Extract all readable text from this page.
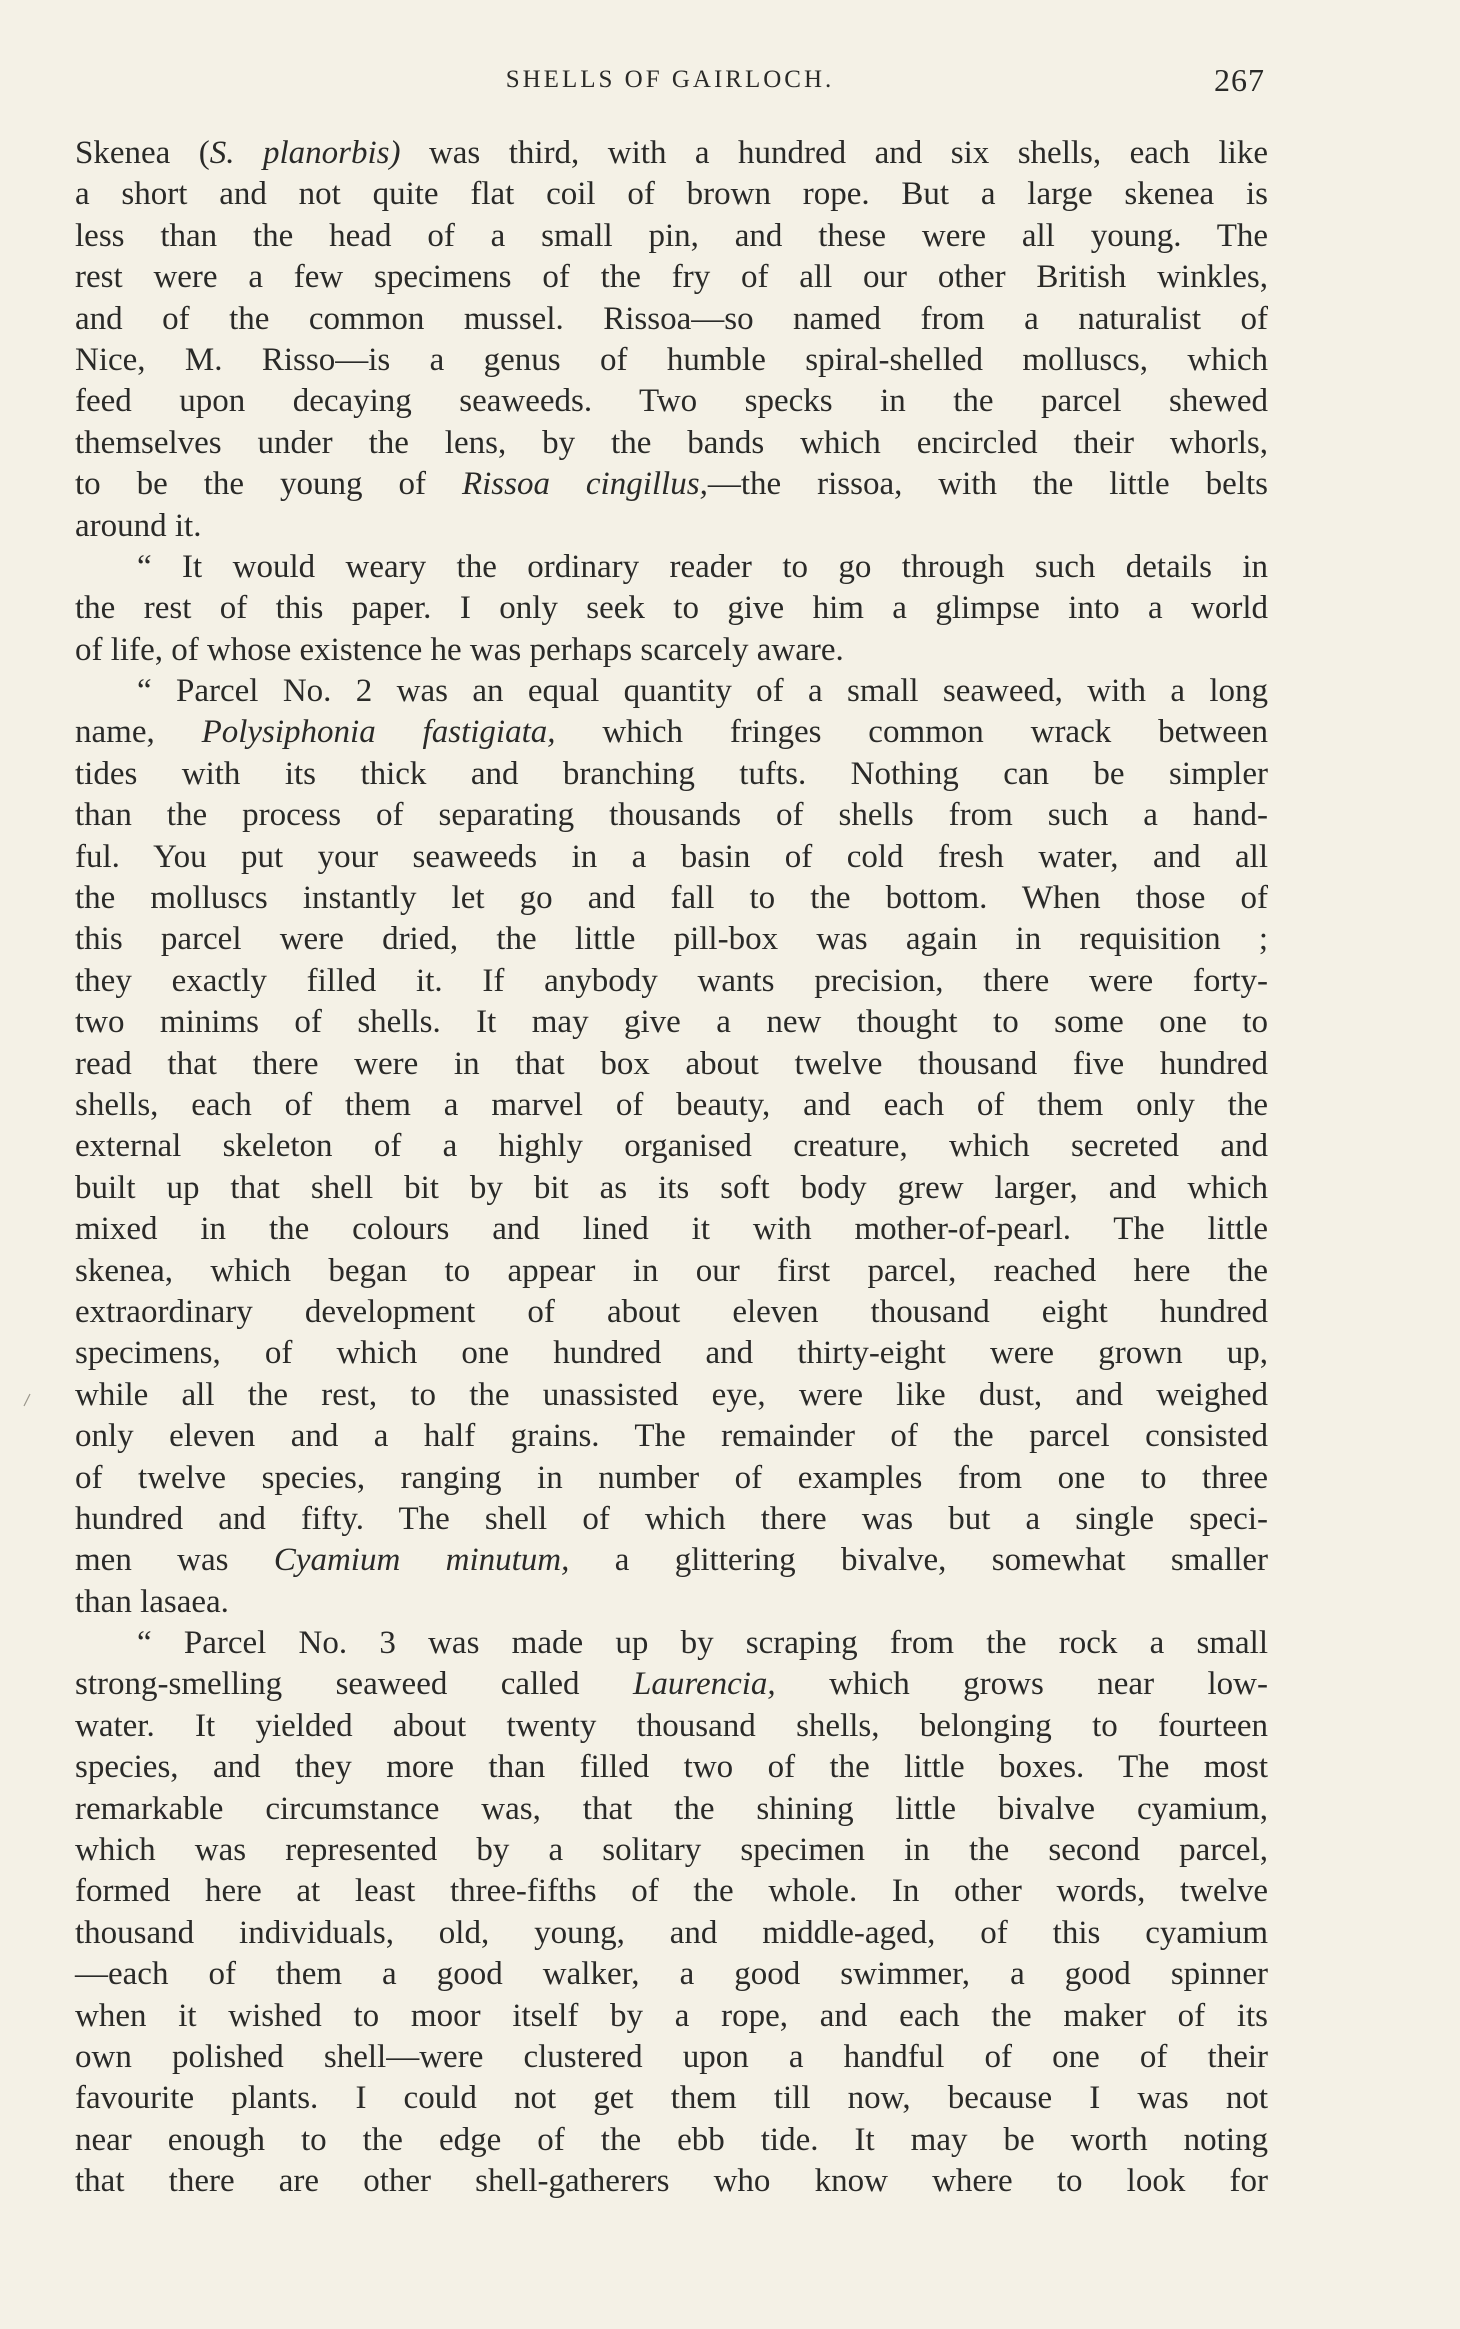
SHELLS OF GAIRLOCH.	267
Skenea (S. planorbis) was third, with a hundred and six shells, each like
a short and not quite flat coil of brown rope. But a large skenea is
less than the head of a small pin, and these were all young. The
rest were a few specimens of the fry of all our other British winkles,
and of the common mussel. Rissoa—so named from a naturalist of
Nice, M. Risso—is a genus of humble spiral-shelled molluscs, which
feed upon decaying seaweeds. Two specks in the parcel shewed
themselves under the lens, by the bands which encircled their whorls,
to be the young of Rissoa cingillus,—the rissoa, with the little belts
around it.
“ It would weary the ordinary reader to go through such details in
the rest of this paper. I only seek to give him a glimpse into a world
of life, of whose existence he was perhaps scarcely aware.
“ Parcel No. 2 was an equal quantity of a small seaweed, with a long
name, Polysiphonia fastigiata, which fringes common wrack between
tides with its thick and branching tufts. Nothing can be simpler
than the process of separating thousands of shells from such a hand-
ful. You put your seaweeds in a basin of cold fresh water, and all
the molluscs instantly let go and fall to the bottom. When those of
this parcel were dried, the little pill-box was again in requisition ;
they exactly filled it. If anybody wants precision, there were forty-
two minims of shells. It may give a new thought to some one to
read that there were in that box about twelve thousand five hundred
shells, each of them a marvel of beauty, and each of them only the
external skeleton of a highly organised creature, which secreted and
built up that shell bit by bit as its soft body grew larger, and which
mixed in the colours and lined it with mother-of-pearl. The little
skenea, which began to appear in our first parcel, reached here the
extraordinary development of about eleven thousand eight hundred
specimens, of which one hundred and thirty-eight were grown up,
while all the rest, to the unassisted eye, were like dust, and weighed
only eleven and a half grains. The remainder of the parcel consisted
of twelve species, ranging in number of examples from one to three
hundred and fifty. The shell of which there was but a single speci-
men was Cyamium minutum, a glittering bivalve, somewhat smaller
than lasaea.
“ Parcel No. 3 was made up by scraping from the rock a small
strong-smelling seaweed called Laurencia, which grows near low-
water. It yielded about twenty thousand shells, belonging to fourteen
species, and they more than filled two of the little boxes. The most
remarkable circumstance was, that the shining little bivalve cyamium,
which was represented by a solitary specimen in the second parcel,
formed here at least three-fifths of the whole. In other words, twelve
thousand individuals, old, young, and middle-aged, of this cyamium
—each of them a good walker, a good swimmer, a good spinner
when it wished to moor itself by a rope, and each the maker of its
own polished shell—were clustered upon a handful of one of their
favourite plants. I could not get them till now, because I was not
near enough to the edge of the ebb tide. It may be worth noting
that there are other shell-gatherers who know where to look for
